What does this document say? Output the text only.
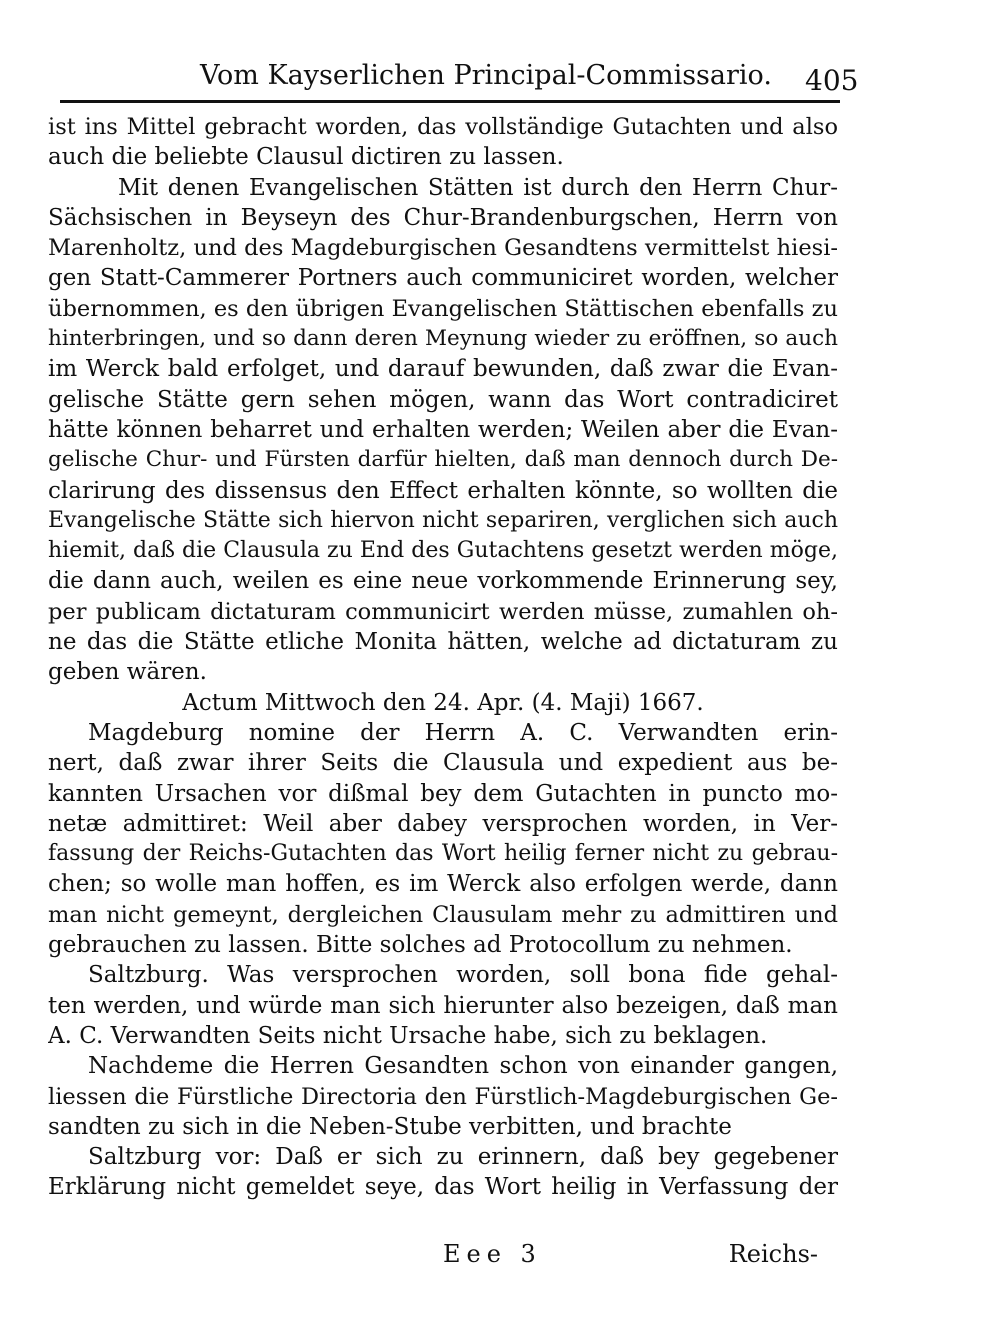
Vom Kayserlichen Principal-Commissario. 405
ist ins Mittel gebracht worden, das vollständige Gutachten und also
auch die beliebte Clausul dictiren zu lassen.
Mit denen Evangelischen Stätten ist durch den Herrn Chur-
Sächsischen in Beyseyn des Chur-Brandenburgschen, Herrn von
Marenholtz, und des Magdeburgischen Gesandtens vermittelst hiesi-
gen Statt-Cammerer Portners auch communiciret worden, welcher
übernommen, es den übrigen Evangelischen Stättischen ebenfalls zu
hinterbringen, und so dann deren Meynung wieder zu eröffnen, so auch
im Werck bald erfolget, und darauf bewunden, daß zwar die Evan-
gelische Stätte gern sehen mögen, wann das Wort contradiciret
hätte können beharret und erhalten werden; Weilen aber die Evan-
gelische Chur- und Fürsten darfür hielten, daß man dennoch durch De-
clarirung des dissensus den Effect erhalten könnte, so wollten die
Evangelische Stätte sich hiervon nicht separiren, verglichen sich auch
hiemit, daß die Clausula zu End des Gutachtens gesetzt werden möge,
die dann auch, weilen es eine neue vorkommende Erinnerung sey,
per publicam dictaturam communicirt werden müsse, zumahlen oh-
ne das die Stätte etliche Monita hätten, welche ad dictaturam zu
geben wären.
Actum Mittwoch den 24. Apr. (4. Maji) 1667.
Magdeburg nomine der Herrn A. C. Verwandten erin-
nert, daß zwar ihrer Seits die Clausula und expedient aus be-
kannten Ursachen vor dißmal bey dem Gutachten in puncto mo-
netæ admittiret: Weil aber dabey versprochen worden, in Ver-
fassung der Reichs-Gutachten das Wort heilig ferner nicht zu gebrau-
chen; so wolle man hoffen, es im Werck also erfolgen werde, dann
man nicht gemeynt, dergleichen Clausulam mehr zu admittiren und
gebrauchen zu lassen. Bitte solches ad Protocollum zu nehmen.
Saltzburg. Was versprochen worden, soll bona fide gehal-
ten werden, und würde man sich hierunter also bezeigen, daß man
A. C. Verwandten Seits nicht Ursache habe, sich zu beklagen.
Nachdeme die Herren Gesandten schon von einander gangen,
liessen die Fürstliche Directoria den Fürstlich-Magdeburgischen Ge-
sandten zu sich in die Neben-Stube verbitten, und brachte
Saltzburg vor: Daß er sich zu erinnern, daß bey gegebener
Erklärung nicht gemeldet seye, das Wort heilig in Verfassung der
Eee 3	Reichs-
